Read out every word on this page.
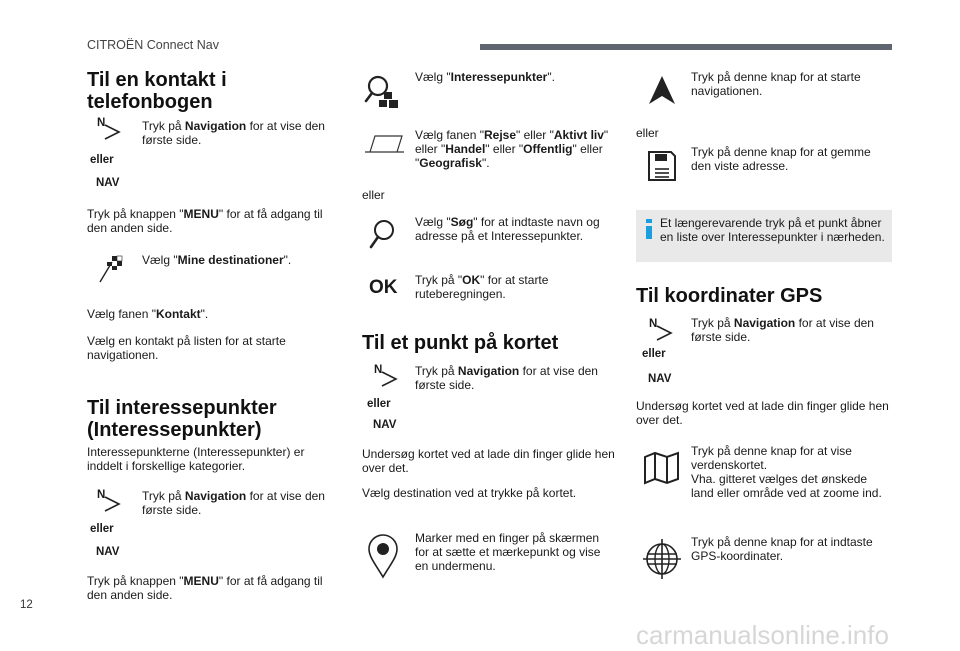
CITROËN Connect Nav
Til en kontakt i telefonbogen
N
eller
NAV
Tryk på Navigation for at vise den første side.
Tryk på knappen "MENU" for at få adgang til den anden side.
Vælg "Mine destinationer".
Vælg fanen "Kontakt".
Vælg en kontakt på listen for at starte navigationen.
Til interessepunkter (Interessepunkter)
Interessepunkterne (Interessepunkter) er inddelt i forskellige kategorier.
N
eller
NAV
Tryk på Navigation for at vise den første side.
Tryk på knappen "MENU" for at få adgang til den anden side.
Vælg "Interessepunkter".
Vælg fanen "Rejse" eller "Aktivt liv" eller "Handel" eller "Offentlig" eller "Geografisk".
eller
Vælg "Søg" for at indtaste navn og adresse på et Interessepunkter.
OK Tryk på "OK" for at starte ruteberegningen.
Til et punkt på kortet
N
eller
NAV
Tryk på Navigation for at vise den første side.
Undersøg kortet ved at lade din finger glide hen over det.
Vælg destination ved at trykke på kortet.
Marker med en finger på skærmen for at sætte et mærkepunkt og vise en undermenu.
Tryk på denne knap for at starte navigationen.
eller
Tryk på denne knap for at gemme den viste adresse.
Et længerevarende tryk på et punkt åbner en liste over Interessepunkter i nærheden.
Til koordinater GPS
N
eller
NAV
Tryk på Navigation for at vise den første side.
Undersøg kortet ved at lade din finger glide hen over det.
Tryk på denne knap for at vise verdenskortet.
Vha. gitteret vælges det ønskede land eller område ved at zoome ind.
Tryk på denne knap for at indtaste GPS-koordinater.
12
carmanualsonline.info
